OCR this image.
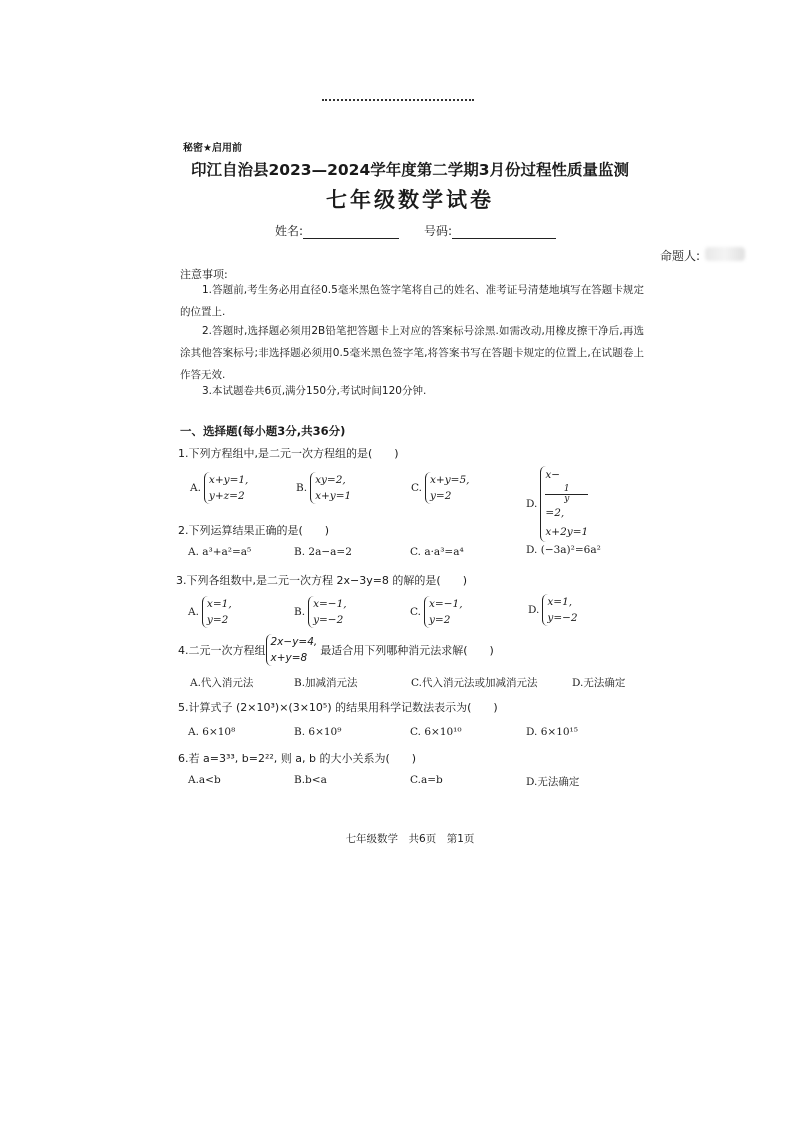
秘密★启用前
印江自治县2023—2024学年度第二学期3月份过程性质量监测
七年级数学试卷
姓名:	号码:
命题人:
注意事项:
1.答题前,考生务必用直径0.5毫米黑色签字笔将自己的姓名、准考证号清楚地填写在答题卡规定的位置上.
2.答题时,选择题必须用2B铅笔把答题卡上对应的答案标号涂黑.如需改动,用橡皮擦干净后,再选涂其他答案标号;非选择题必须用0.5毫米黑色签字笔,将答案书写在答题卡规定的位置上,在试题卷上作答无效.
3.本试题卷共6页,满分150分,考试时间120分钟.
一、选择题(每小题3分,共36分)
1.下列方程组中,是二元一次方程组的是(　　)
A.
x+y=1,
y+z=2
B.
xy=2,
x+y=1
C.
x+y=5,
y=2
D.
x−
1
y
=2,
x+2y=1
2.下列运算结果正确的是(　　)
A. a³+a²=a⁵	B. 2a−a=2	C. a·a³=a⁴	D. (−3a)²=6a²
3.下列各组数中,是二元一次方程 2x−3y=8 的解的是(　　)
A.
x=1,
y=2
B.
x=−1,
y=−2
C.
x=−1,
y=2
D.
x=1,
y=−2
4.二元一次方程组
2x−y=4,
x+y=8
最适合用下列哪种消元法求解(　　)
A.代入消元法	B.加减消元法	C.代入消元法或加减消元法	D.无法确定
5.计算式子 (2×10³)×(3×10⁵) 的结果用科学记数法表示为(　　)
A. 6×10⁸	B. 6×10⁹	C. 6×10¹⁰	D. 6×10¹⁵
6.若 a=3³³, b=2²², 则 a, b 的大小关系为(　　)
A.a<b	B.b<a	C.a=b	D.无法确定
七年级数学　共6页　第1页
